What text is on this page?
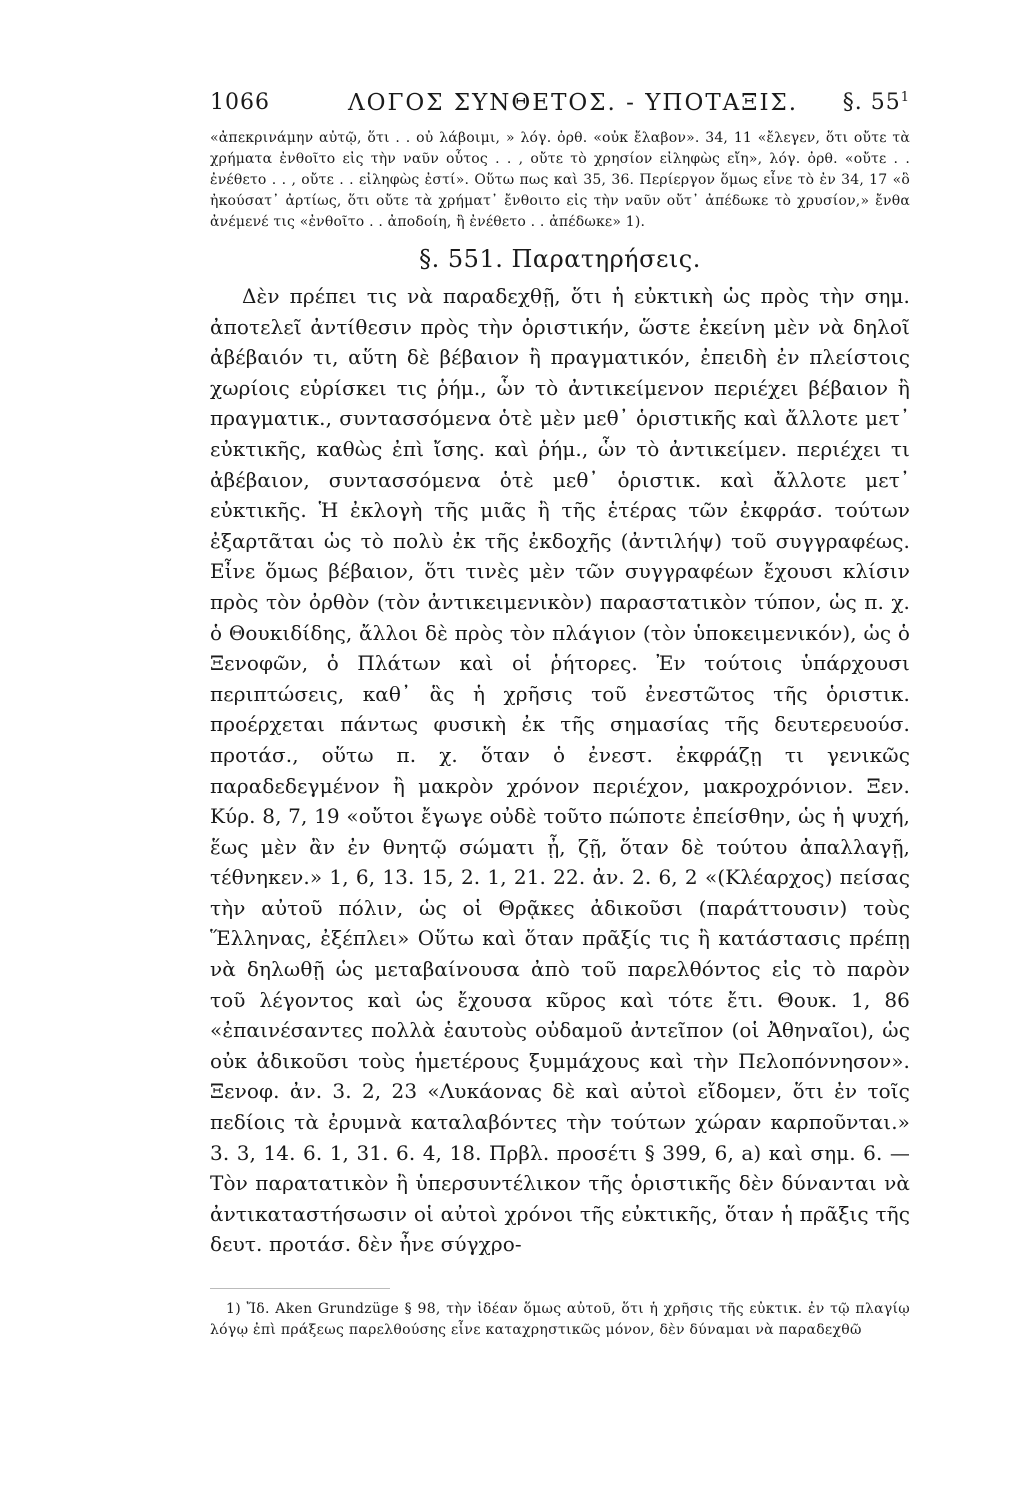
1066	ΛΟΓΟΣ ΣΥΝΘΕΤΟΣ. - ΥΠΟΤΑΞΙΣ. §. $55^1$
«ἀπεκρινάμην αὐτῷ, ὅτι . . οὐ λάβοιμι, » λόγ. ὀρθ. «οὐκ ἔλαβον». 34, 11 «ἔλεγεν, ὅτι οὔτε τὰ χρήματα ἐνθοῖτο εἰς τὴν ναῦν οὗτος . . , οὔτε τὸ χρησίον εἰληφὼς εἴη», λόγ. ὀρθ. «οὔτε . . ἐνέθετο . . , οὔτε . . εἰληφὼς ἐστί». Οὕτω πως καὶ 35, 36. Περίεργον ὅμως εἶνε τὸ ἐν 34, 17 «ὃ ἠκούσατ᾽ ἀρτίως, ὅτι οὔτε τὰ χρήματ᾽ ἔνθοιτο εἰς τὴν ναῦν οὔτ᾽ ἀπέδωκε τὸ χρυσίον,» ἔνθα ἀνέμενέ τις «ἐνθοῖτο . . ἀποδοίη, ἢ ἐνέθετο . . ἀπέδωκε» 1).
§. 551. Παρατηρήσεις.
Δὲν πρέπει τις νὰ παραδεχθῇ, ὅτι ἡ εὐκτικὴ ὡς πρὸς τὴν σημ. ἀποτελεῖ ἀντίθεσιν πρὸς τὴν ὁριστικήν, ὥστε ἐκείνη μὲν νὰ δηλοῖ ἀβέβαιόν τι, αὕτη δὲ βέβαιον ἢ πραγματικόν, ἐπειδὴ ἐν πλείστοις χωρίοις εὑρίσκει τις ῥήμ., ὧν τὸ ἀντικείμενον περιέχει βέβαιον ἢ πραγματικ., συντασσόμενα ὁτὲ μὲν μεθ᾽ ὁριστικῆς καὶ ἄλλοτε μετ᾽ εὐκτικῆς, καθὼς ἐπὶ ἴσης. καὶ ῥήμ., ὧν τὸ ἀντικείμεν. περιέχει τι ἀβέβαιον, συντασσόμενα ὁτὲ μεθ᾽ ὁριστικ. καὶ ἄλλοτε μετ᾽ εὐκτικῆς. Ἡ ἐκλογὴ τῆς μιᾶς ἢ τῆς ἑτέρας τῶν ἐκφράσ. τούτων ἐξαρτᾶται ὡς τὸ πολὺ ἐκ τῆς ἐκδοχῆς (ἀντιλήψ) τοῦ συγγραφέως. Εἶνε ὅμως βέβαιον, ὅτι τινὲς μὲν τῶν συγγραφέων ἔχουσι κλίσιν πρὸς τὸν ὀρθὸν (τὸν ἀντικειμενικὸν) παραστατικὸν τύπον, ὡς π. χ. ὁ Θουκιδίδης, ἄλλοι δὲ πρὸς τὸν πλάγιον (τὸν ὑποκειμενικόν), ὡς ὁ Ξενοφῶν, ὁ Πλάτων καὶ οἱ ῥήτορες. Ἐν τούτοις ὑπάρχουσι περιπτώσεις, καθ᾽ ἃς ἡ χρῆσις τοῦ ἐνεστῶτος τῆς ὁριστικ. προέρχεται πάντως φυσικὴ ἐκ τῆς σημασίας τῆς δευτερευούσ. προτάσ., οὕτω π. χ. ὅταν ὁ ἐνεστ. ἐκφράζῃ τι γενικῶς παραδεδεγμένον ἢ μακρὸν χρόνον περιέχον, μακροχρόνιον. Ξεν. Κύρ. 8, 7, 19 «οὔτοι ἔγωγε οὐδὲ τοῦτο πώποτε ἐπείσθην, ὡς ἡ ψυχή, ἕως μὲν ἂν ἐν θνητῷ σώματι ᾖ, ζῇ, ὅταν δὲ τούτου ἀπαλλαγῇ, τέθνηκεν.» 1, 6, 13. 15, 2. 1, 21. 22. ἀν. 2. 6, 2 «(Κλέαρχος) πείσας τὴν αὐτοῦ πόλιν, ὡς οἱ Θρᾷκες ἀδικοῦσι (παράττουσιν) τοὺς Ἕλληνας, ἐξέπλει» Οὕτω καὶ ὅταν πρᾶξίς τις ἢ κατάστασις πρέπῃ νὰ δηλωθῇ ὡς μεταβαίνουσα ἀπὸ τοῦ παρελθόντος εἰς τὸ παρὸν τοῦ λέγοντος καὶ ὡς ἔχουσα κῦρος καὶ τότε ἔτι. Θουκ. 1, 86 «ἐπαινέσαντες πολλὰ ἑαυτοὺς οὐδαμοῦ ἀντεῖπον (οἱ Ἀθηναῖοι), ὡς οὐκ ἀδικοῦσι τοὺς ἡμετέρους ξυμμάχους καὶ τὴν Πελοπόννησον». Ξενοφ. ἀν. 3. 2, 23 «Λυκάονας δὲ καὶ αὐτοὶ εἴδομεν, ὅτι ἐν τοῖς πεδίοις τὰ ἐρυμνὰ καταλαβόντες τὴν τούτων χώραν καρποῦνται.» 3. 3, 14. 6. 1, 31. 6. 4, 18. Πρβλ. προσέτι § 399, 6, a) καὶ σημ. 6. — Τὸν παρατατικὸν ἢ ὑπερσυντέλικον τῆς ὁριστικῆς δὲν δύνανται νὰ ἀντικαταστήσωσιν οἱ αὐτοὶ χρόνοι τῆς εὐκτικῆς, ὅταν ἡ πρᾶξις τῆς δευτ. προτάσ. δὲν ἦνε σύγχρο-
1) Ἴδ. Aken Grundzüge § 98, τὴν ἰδέαν ὅμως αὐτοῦ, ὅτι ἡ χρῆσις τῆς εὐκτικ. ἐν τῷ πλαγίῳ λόγῳ ἐπὶ πράξεως παρελθούσης εἶνε καταχρηστικῶς μόνον, δὲν δύναμαι νὰ παραδεχθῶ
